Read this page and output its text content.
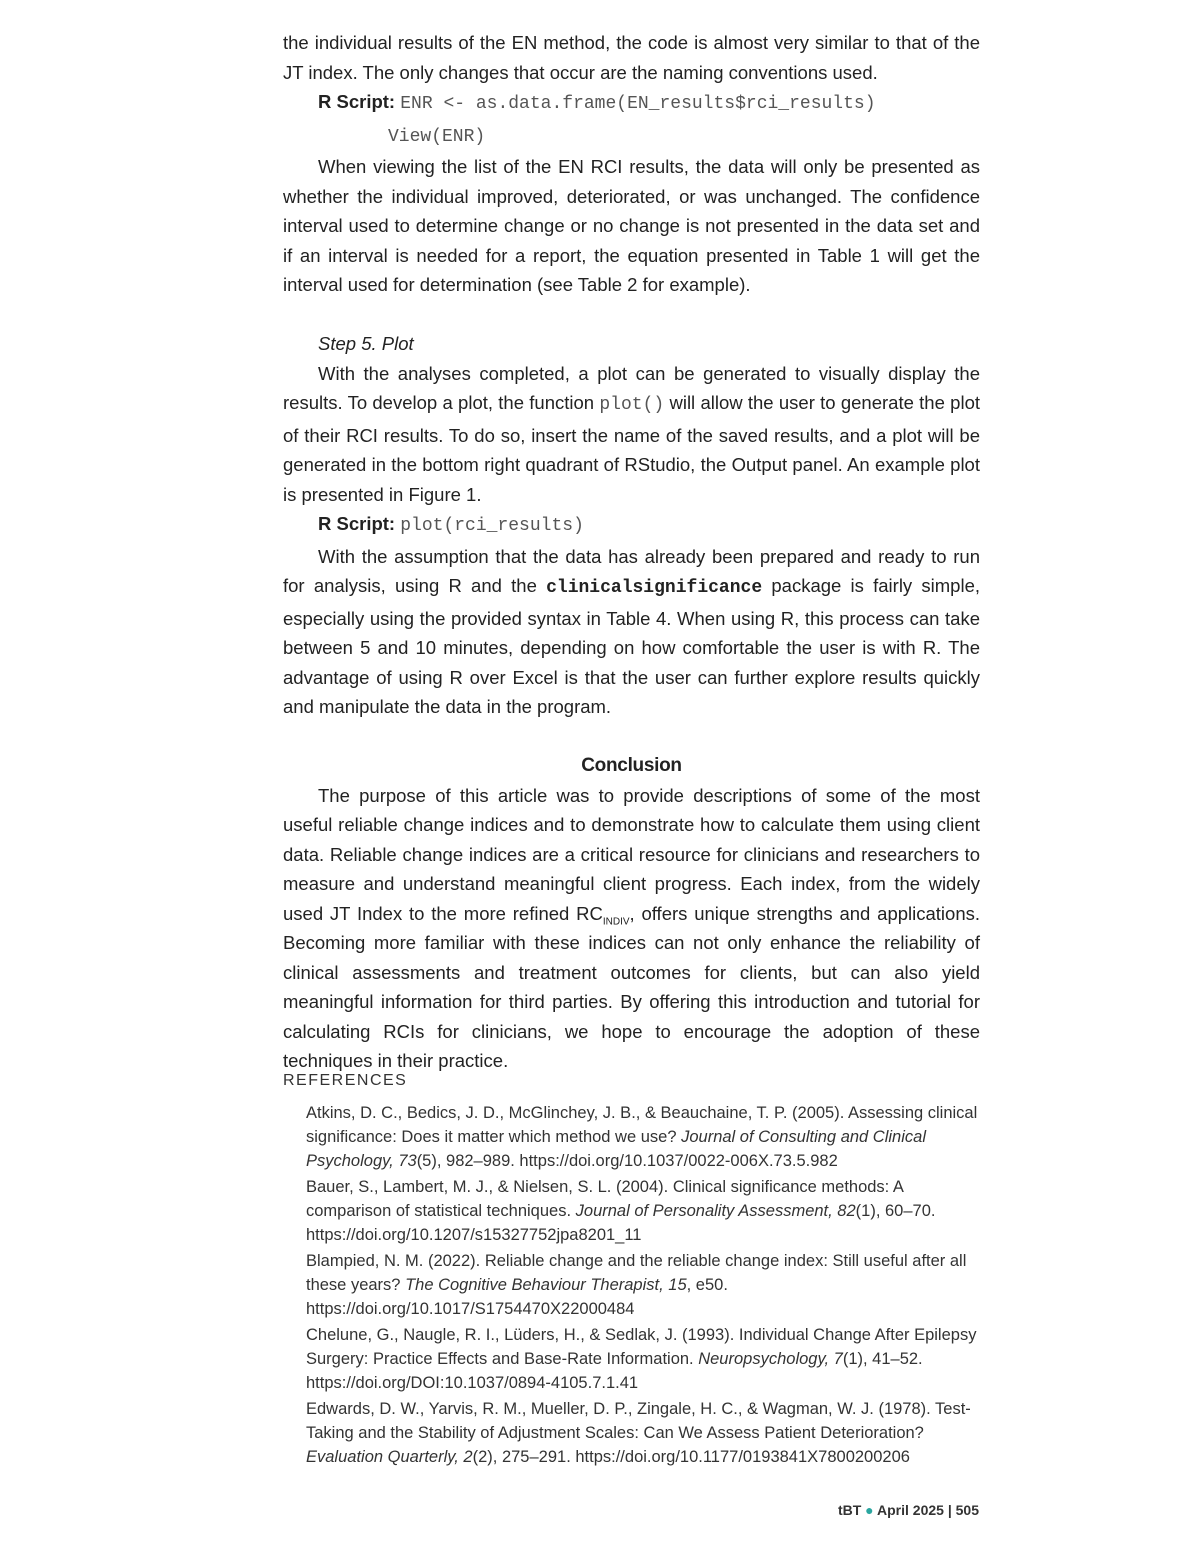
the individual results of the EN method, the code is almost very similar to that of the JT index. The only changes that occur are the naming conventions used.

R Script: ENR <- as.data.frame(EN_results$rci_results)
View(ENR)

When viewing the list of the EN RCI results, the data will only be presented as whether the individual improved, deteriorated, or was unchanged. The confidence interval used to determine change or no change is not presented in the data set and if an interval is needed for a report, the equation presented in Table 1 will get the interval used for determination (see Table 2 for example).

Step 5. Plot

With the analyses completed, a plot can be generated to visually display the results. To develop a plot, the function plot() will allow the user to generate the plot of their RCI results. To do so, insert the name of the saved results, and a plot will be generated in the bottom right quadrant of RStudio, the Output panel. An example plot is presented in Figure 1.

R Script: plot(rci_results)

With the assumption that the data has already been prepared and ready to run for analysis, using R and the clinicalsignificance package is fairly simple, especially using the provided syntax in Table 4. When using R, this process can take between 5 and 10 minutes, depending on how comfortable the user is with R. The advantage of using R over Excel is that the user can further explore results quickly and manipulate the data in the program.

Conclusion

The purpose of this article was to provide descriptions of some of the most useful reliable change indices and to demonstrate how to calculate them using client data. Reliable change indices are a critical resource for clinicians and researchers to measure and understand meaningful client progress. Each index, from the widely used JT Index to the more refined $RC_{INDIV}$, offers unique strengths and applications. Becoming more familiar with these indices can not only enhance the reliability of clinical assessments and treatment outcomes for clients, but can also yield meaningful information for third parties. By offering this introduction and tutorial for calculating RCIs for clinicians, we hope to encourage the adoption of these techniques in their practice.

REFERENCES
Atkins, D. C., Bedics, J. D., McGlinchey, J. B., & Beauchaine, T. P. (2005). Assessing clinical significance: Does it matter which method we use? Journal of Consulting and Clinical Psychology, 73(5), 982–989. https://doi.org/10.1037/0022-006X.73.5.982
Bauer, S., Lambert, M. J., & Nielsen, S. L. (2004). Clinical significance methods: A comparison of statistical techniques. Journal of Personality Assessment, 82(1), 60–70. https://doi.org/10.1207/s15327752jpa8201_11
Blampied, N. M. (2022). Reliable change and the reliable change index: Still useful after all these years? The Cognitive Behaviour Therapist, 15, e50. https://doi.org/10.1017/S1754470X22000484
Chelune, G., Naugle, R. I., Lüders, H., & Sedlak, J. (1993). Individual Change After Epilepsy Surgery: Practice Effects and Base-Rate Information. Neuropsychology, 7(1), 41–52. https://doi.org/DOI:10.1037/0894-4105.7.1.41
Edwards, D. W., Yarvis, R. M., Mueller, D. P., Zingale, H. C., & Wagman, W. J. (1978). Test-Taking and the Stability of Adjustment Scales: Can We Assess Patient Deterioration? Evaluation Quarterly, 2(2), 275–291. https://doi.org/10.1177/0193841X7800200206
tBT ● April 2025 | 505
